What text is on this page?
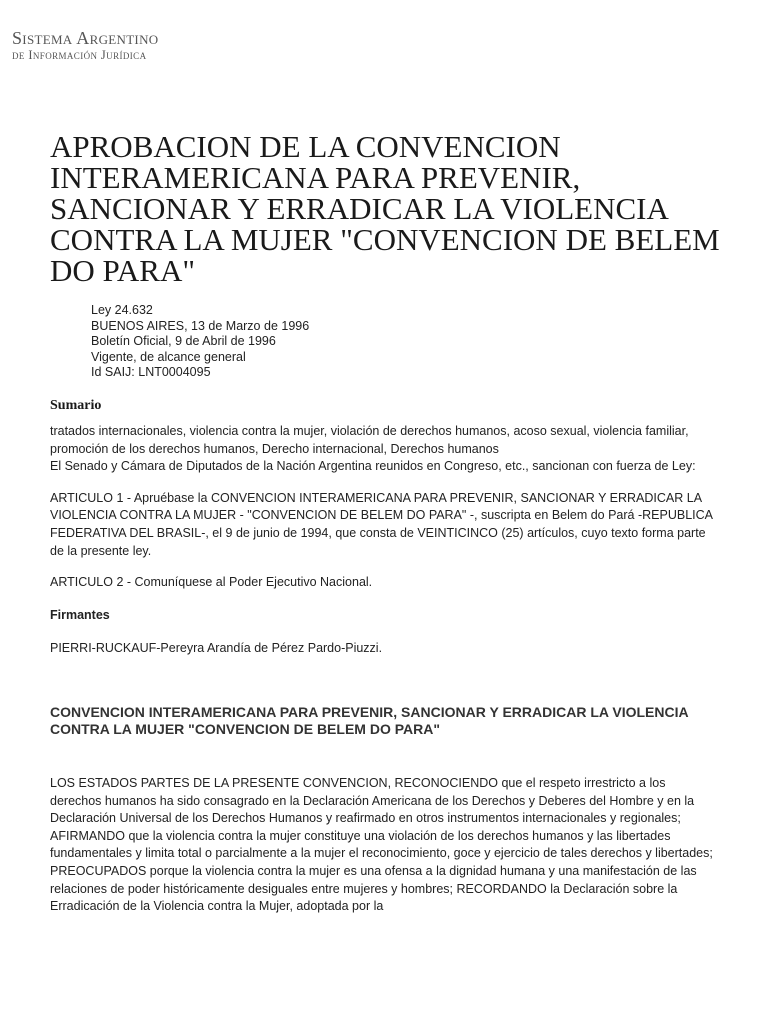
Sistema Argentino
de Información Jurídica
APROBACION DE LA CONVENCION INTERAMERICANA PARA PREVENIR, SANCIONAR Y ERRADICAR LA VIOLENCIA CONTRA LA MUJER "CONVENCION DE BELEM DO PARA"
Ley 24.632
BUENOS AIRES, 13 de Marzo de 1996
Boletín Oficial, 9 de Abril de 1996
Vigente, de alcance general
Id SAIJ: LNT0004095
Sumario

tratados internacionales, violencia contra la mujer, violación de derechos humanos, acoso sexual, violencia familiar, promoción de los derechos humanos, Derecho internacional, Derechos humanos

El Senado y Cámara de Diputados de la Nación Argentina reunidos en Congreso, etc., sancionan con fuerza de Ley:

ARTICULO 1 - Apruébase la CONVENCION INTERAMERICANA PARA PREVENIR, SANCIONAR Y ERRADICAR LA VIOLENCIA CONTRA LA MUJER - "CONVENCION DE BELEM DO PARA" -, suscripta en Belem do Pará -REPUBLICA FEDERATIVA DEL BRASIL-, el 9 de junio de 1994, que consta de VEINTICINCO (25) artículos, cuyo texto forma parte de la presente ley.

ARTICULO 2 - Comuníquese al Poder Ejecutivo Nacional.

Firmantes

PIERRI-RUCKAUF-Pereyra Arandía de Pérez Pardo-Piuzzi.

CONVENCION INTERAMERICANA PARA PREVENIR, SANCIONAR Y ERRADICAR LA VIOLENCIA CONTRA LA MUJER "CONVENCION DE BELEM DO PARA"

LOS ESTADOS PARTES DE LA PRESENTE CONVENCION, RECONOCIENDO que el respeto irrestricto a los derechos humanos ha sido consagrado en la Declaración Americana de los Derechos y Deberes del Hombre y en la Declaración Universal de los Derechos Humanos y reafirmado en otros instrumentos internacionales y regionales; AFIRMANDO que la violencia contra la mujer constituye una violación de los derechos humanos y las libertades fundamentales y limita total o parcialmente a la mujer el reconocimiento, goce y ejercicio de tales derechos y libertades; PREOCUPADOS porque la violencia contra la mujer es una ofensa a la dignidad humana y una manifestación de las relaciones de poder históricamente desiguales entre mujeres y hombres; RECORDANDO la Declaración sobre la Erradicación de la Violencia contra la Mujer, adoptada por la
